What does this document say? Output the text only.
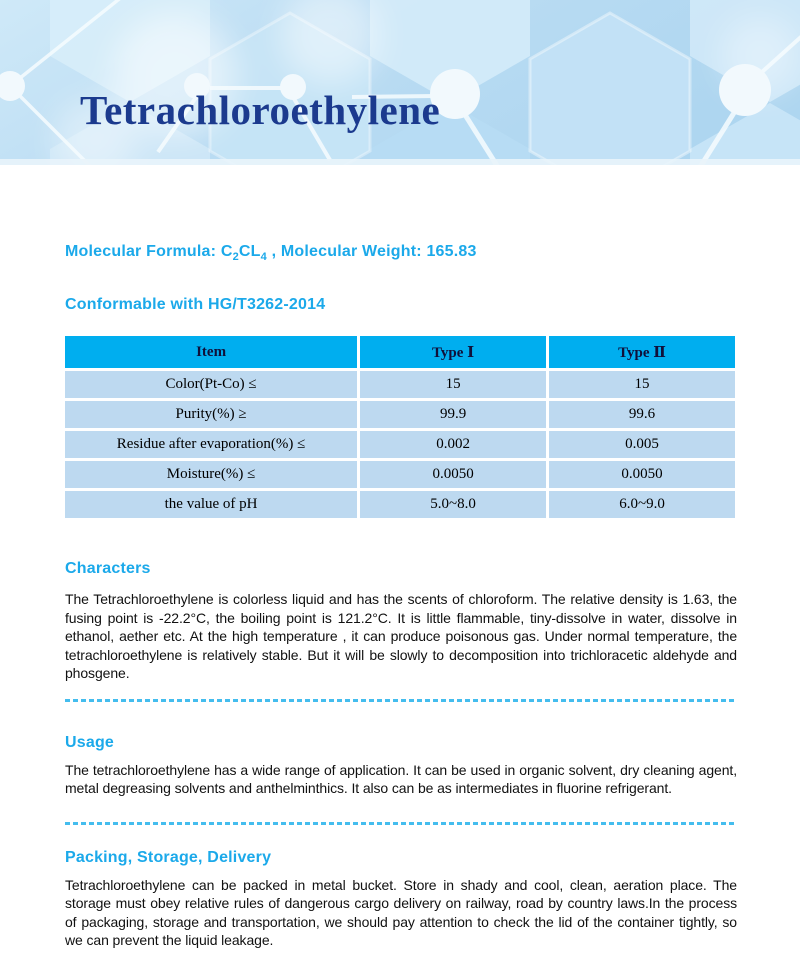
Tetrachloroethylene

Molecular Formula: $C_2CL_4$ , Molecular Weight: 165.83

Conformable with HG/T3262-2014

Item	Type Ⅰ	Type Ⅱ
Color(Pt-Co) ≤	15	15
Purity(%) ≥	99.9	99.6
Residue after evaporation(%) ≤	0.002	0.005
Moisture(%) ≤	0.0050	0.0050
the value of pH	5.0~8.0	6.0~9.0
Characters

The Tetrachloroethylene is colorless liquid and has the scents of chloroform. The relative density is 1.63, the fusing point is -22.2°C, the boiling point is 121.2°C. It is little flammable, tiny-dissolve in water, dissolve in ethanol, aether etc. At the high temperature , it can produce poisonous gas. Under normal temperature, the tetrachloroethylene is relatively stable. But it will be slowly to decomposition into trichloracetic aldehyde and phosgene.

Usage

The tetrachloroethylene has a wide range of application. It can be used in organic solvent, dry cleaning agent, metal degreasing solvents and anthelminthics. It also can be as intermediates in fluorine refrigerant.

Packing, Storage, Delivery

Tetrachloroethylene can be packed in metal bucket. Store in shady and cool, clean, aeration place. The storage must obey relative rules of dangerous cargo delivery on railway, road by country laws.In the process of packaging, storage and transportation, we should pay attention to check the lid of the container tightly, so we can prevent the liquid leakage.
